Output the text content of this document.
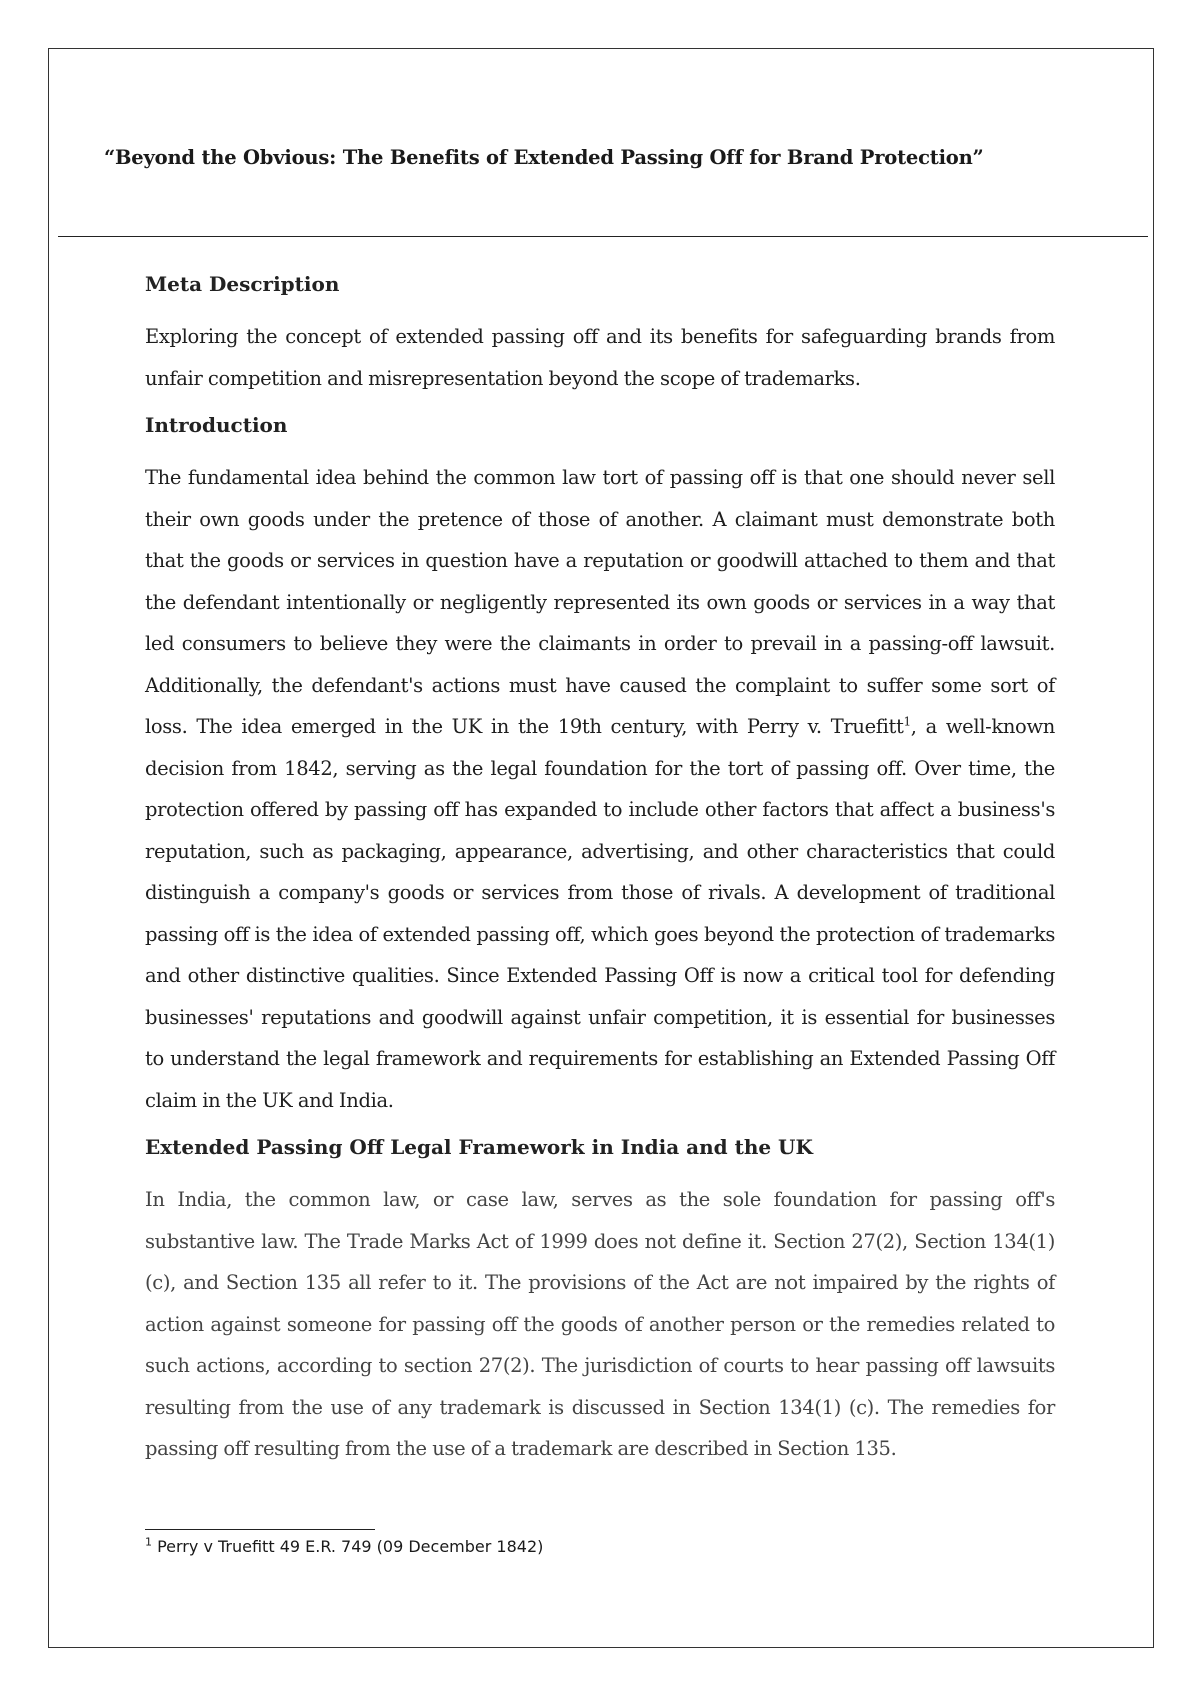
“Beyond the Obvious: The Benefits of Extended Passing Off for Brand Protection”
Meta Description

Exploring the concept of extended passing off and its benefits for safeguarding brands from unfair competition and misrepresentation beyond the scope of trademarks.

Introduction

The fundamental idea behind the common law tort of passing off is that one should never sell their own goods under the pretence of those of another. A claimant must demonstrate both that the goods or services in question have a reputation or goodwill attached to them and that the defendant intentionally or negligently represented its own goods or services in a way that led consumers to believe they were the claimants in order to prevail in a passing-off lawsuit. Additionally, the defendant's actions must have caused the complaint to suffer some sort of loss. The idea emerged in the UK in the 19th century, with Perry v. Truefitt$^1$, a well-known decision from 1842, serving as the legal foundation for the tort of passing off. Over time, the protection offered by passing off has expanded to include other factors that affect a business's reputation, such as packaging, appearance, advertising, and other characteristics that could distinguish a company's goods or services from those of rivals. A development of traditional passing off is the idea of extended passing off, which goes beyond the protection of trademarks and other distinctive qualities. Since Extended Passing Off is now a critical tool for defending businesses' reputations and goodwill against unfair competition, it is essential for businesses to understand the legal framework and requirements for establishing an Extended Passing Off claim in the UK and India.

Extended Passing Off Legal Framework in India and the UK

In India, the common law, or case law, serves as the sole foundation for passing off's substantive law. The Trade Marks Act of 1999 does not define it. Section 27(2), Section 134(1)(c), and Section 135 all refer to it. The provisions of the Act are not impaired by the rights of action against someone for passing off the goods of another person or the remedies related to such actions, according to section 27(2). The jurisdiction of courts to hear passing off lawsuits resulting from the use of any trademark is discussed in Section 134(1) (c). The remedies for passing off resulting from the use of a trademark are described in Section 135.

$^1$ Perry v Truefitt 49 E.R. 749 (09 December 1842)
